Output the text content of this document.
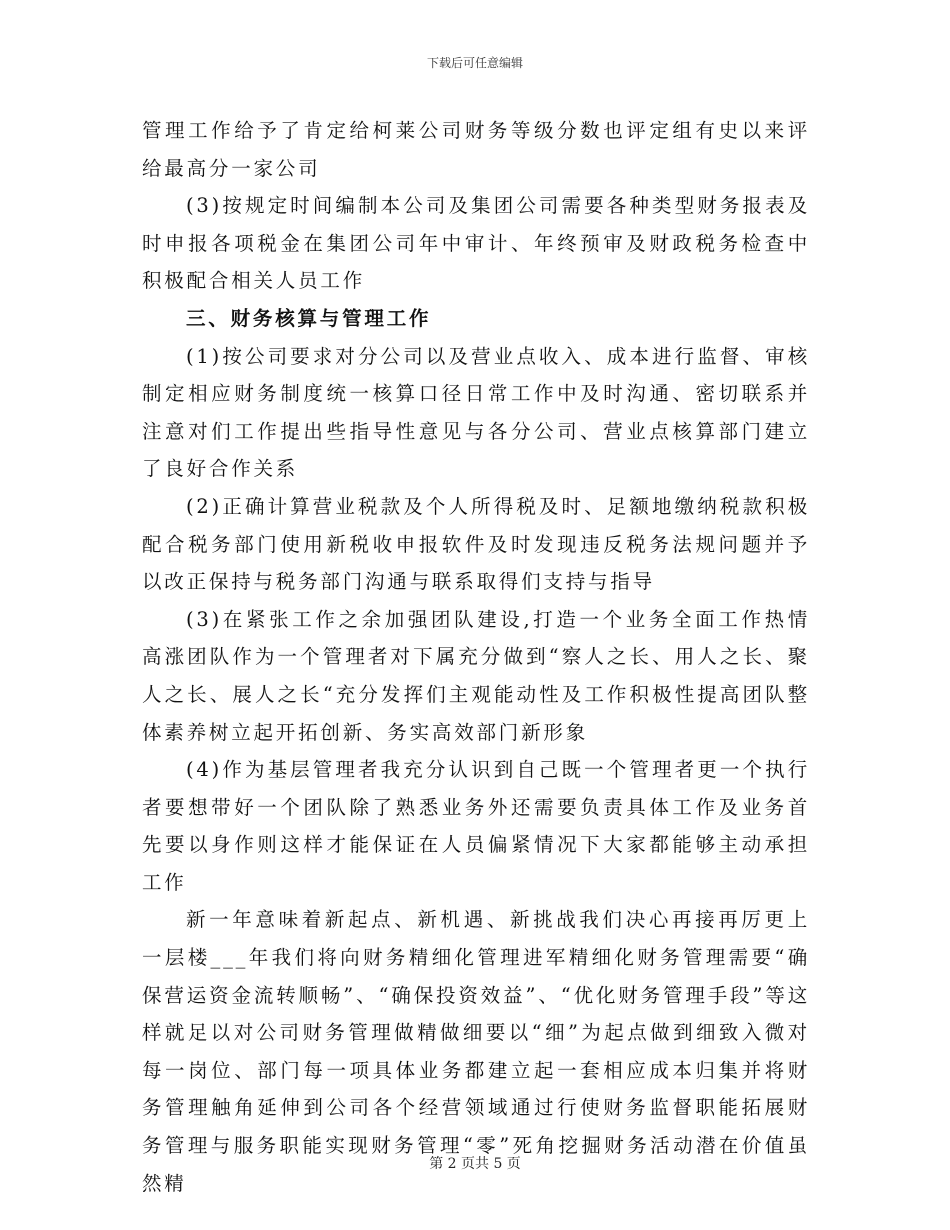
下载后可任意编辑

管理工作给予了肯定给柯莱公司财务等级分数也评定组有史以来评给最高分一家公司

(3)按规定时间编制本公司及集团公司需要各种类型财务报表及时申报各项税金在集团公司年中审计、年终预审及财政税务检查中积极配合相关人员工作

三、财务核算与管理工作

(1)按公司要求对分公司以及营业点收入、成本进行监督、审核制定相应财务制度统一核算口径日常工作中及时沟通、密切联系并注意对们工作提出些指导性意见与各分公司、营业点核算部门建立了良好合作关系

(2)正确计算营业税款及个人所得税及时、足额地缴纳税款积极配合税务部门使用新税收申报软件及时发现违反税务法规问题并予以改正保持与税务部门沟通与联系取得们支持与指导

(3)在紧张工作之余加强团队建设,打造一个业务全面工作热情高涨团队作为一个管理者对下属充分做到“察人之长、用人之长、聚人之长、展人之长“充分发挥们主观能动性及工作积极性提高团队整体素养树立起开拓创新、务实高效部门新形象

(4)作为基层管理者我充分认识到自己既一个管理者更一个执行者要想带好一个团队除了熟悉业务外还需要负责具体工作及业务首先要以身作则这样才能保证在人员偏紧情况下大家都能够主动承担工作

新一年意味着新起点、新机遇、新挑战我们决心再接再厉更上一层楼___年我们将向财务精细化管理进军精细化财务管理需要“确保营运资金流转顺畅”、“确保投资效益”、“优化财务管理手段”等这样就足以对公司财务管理做精做细要以“细”为起点做到细致入微对每一岗位、部门每一项具体业务都建立起一套相应成本归集并将财务管理触角延伸到公司各个经营领域通过行使财务监督职能拓展财务管理与服务职能实现财务管理“零”死角挖掘财务活动潜在价值虽然精

第 2 页共 5 页
